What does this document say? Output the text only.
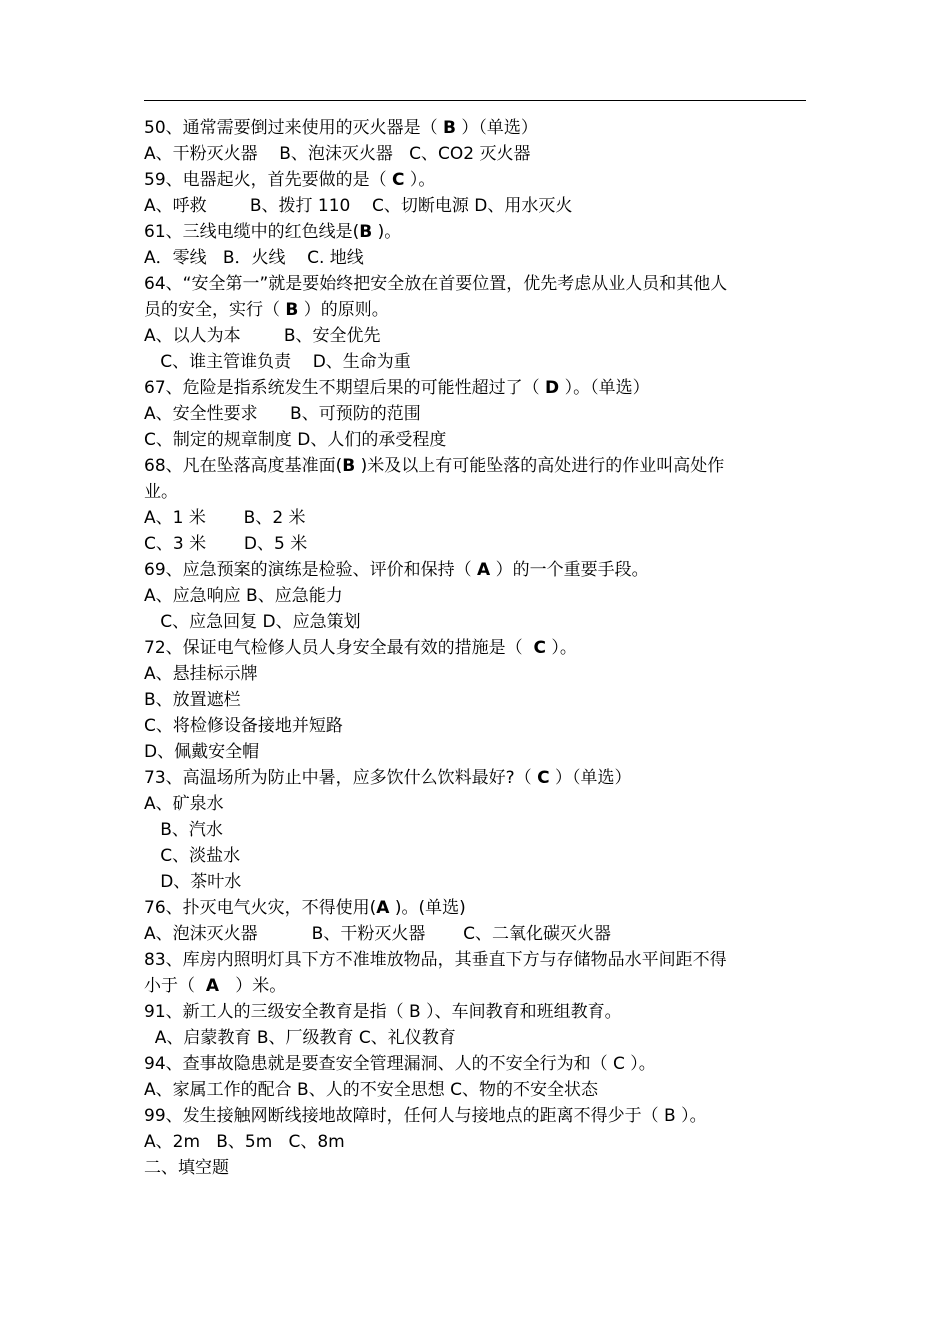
50、通常需要倒过来使用的灭火器是（ B ）（单选）
A、干粉灭火器    B、泡沫灭火器   C、CO2 灭火器
59、电器起火，首先要做的是（ C ）。
A、呼救        B、拨打 110    C、切断电源 D、用水灭火
61、三线电缆中的红色线是(B )。
A．零线   B．火线    C. 地线
64、“安全第一”就是要始终把安全放在首要位置，优先考虑从业人员和其他人
员的安全，实行（ B ）的原则。
A、以人为本        B、安全优先
C、谁主管谁负责    D、生命为重
67、危险是指系统发生不期望后果的可能性超过了（ D ）。（单选）
A、安全性要求      B、可预防的范围
C、制定的规章制度 D、人们的承受程度
68、凡在坠落高度基准面(B )米及以上有可能坠落的高处进行的作业叫高处作
业。
A、1 米       B、2 米
C、3 米       D、5 米
69、应急预案的演练是检验、评价和保持（ A ）的一个重要手段。
A、应急响应 B、应急能力
C、应急回复 D、应急策划
72、保证电气检修人员人身安全最有效的措施是（  C ）。
A、悬挂标示牌
B、放置遮栏
C、将检修设备接地并短路
D、佩戴安全帽
73、高温场所为防止中暑，应多饮什么饮料最好?（ C ）（单选）
A、矿泉水
B、汽水
C、淡盐水
D、茶叶水
76、扑灭电气火灾，不得使用(A )。(单选)
A、泡沫灭火器          B、干粉灭火器       C、二氧化碳灭火器
83、库房内照明灯具下方不准堆放物品，其垂直下方与存储物品水平间距不得
小于（  A   ）米。
91、新工人的三级安全教育是指（ B ）、车间教育和班组教育。
A、启蒙教育 B、厂级教育 C、礼仪教育
94、查事故隐患就是要查安全管理漏洞、人的不安全行为和（ C ）。
A、家属工作的配合 B、人的不安全思想 C、物的不安全状态
99、发生接触网断线接地故障时，任何人与接地点的距离不得少于（ B ）。
A、2m   B、5m   C、8m
二、填空题
